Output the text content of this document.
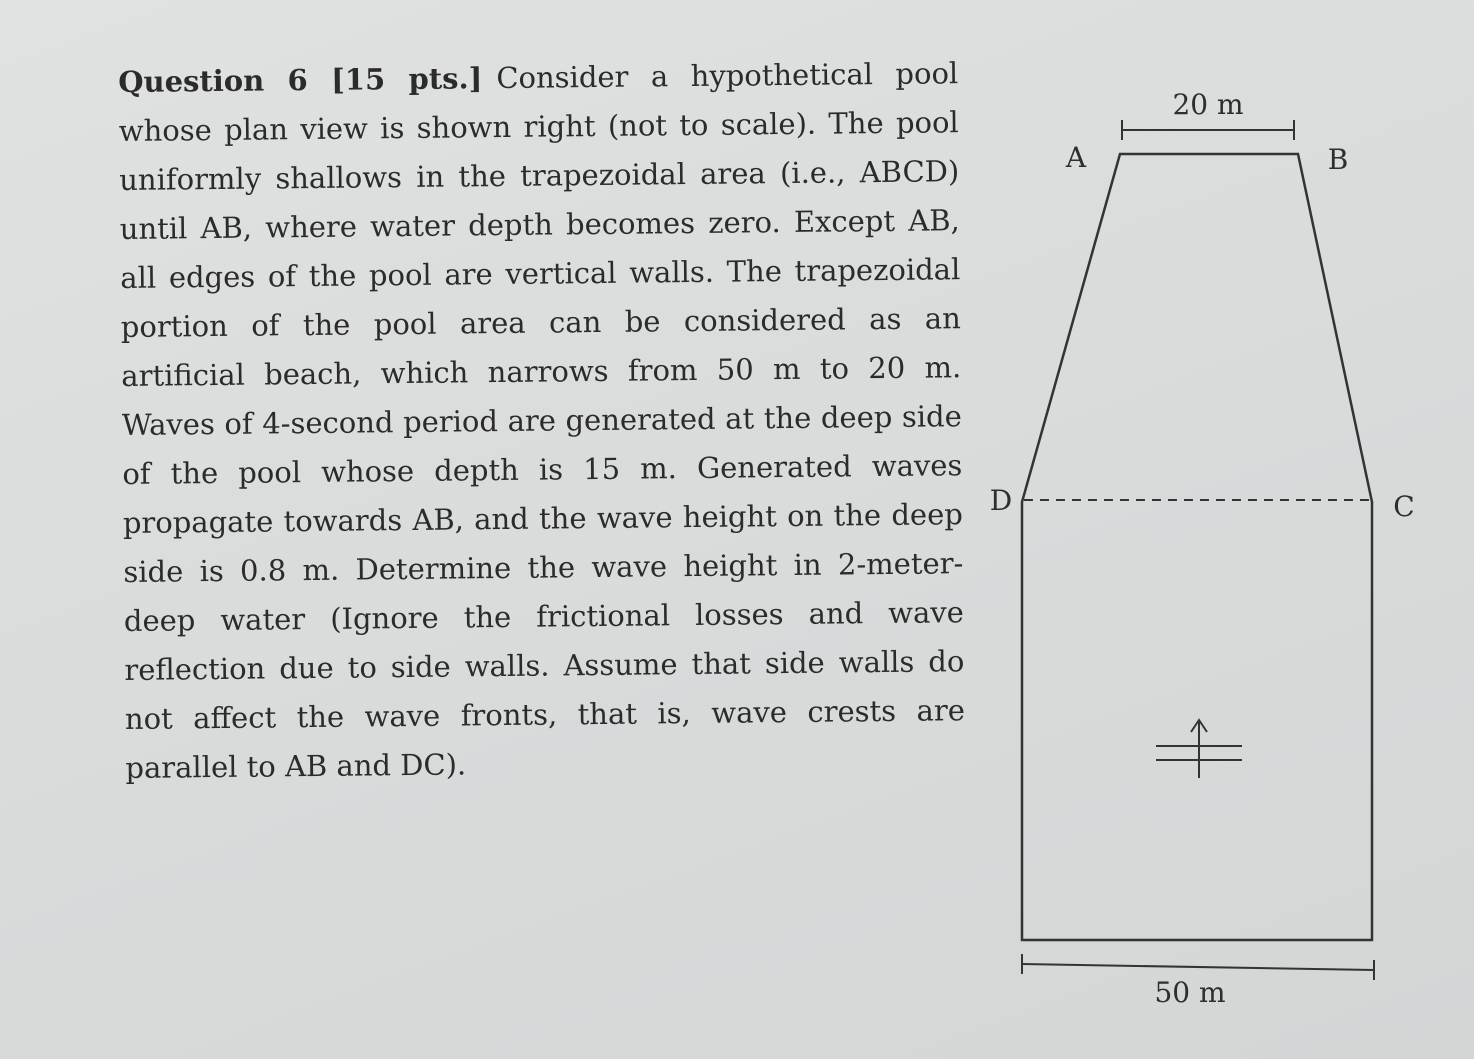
Question 6 [15 pts.] Consider a hypothetical pool whose plan view is shown right (not to scale). The pool uniformly shallows in the trapezoidal area (i.e., ABCD) until AB, where water depth becomes zero. Except AB, all edges of the pool are vertical walls. The trapezoidal portion of the pool area can be considered as an artificial beach, which narrows from 50 m to 20 m. Waves of 4-second period are generated at the deep side of the pool whose depth is 15 m. Generated waves propagate towards AB, and the wave height on the deep side is 0.8 m. Determine the wave height in 2-meter-deep water (Ignore the frictional losses and wave reflection due to side walls. Assume that side walls do not affect the wave fronts, that is, wave crests are parallel to AB and DC).
20 m
A	B
C
D
50 m
